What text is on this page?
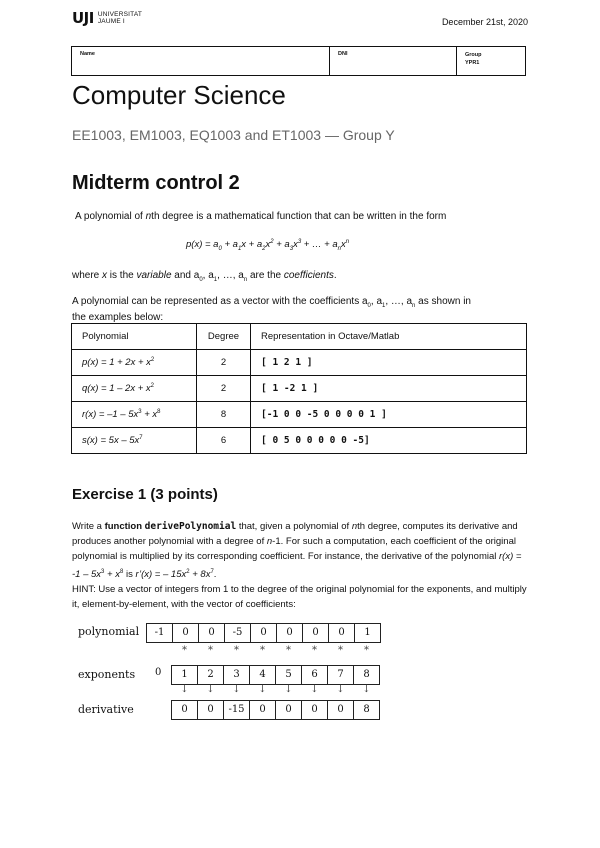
UJI UNIVERSITAT
JAUME I	December 21st, 2020
Name	DNI	Group
YPR1
Computer Science
EE1003, EM1003, EQ1003 and ET1003 — Group Y
Midterm control 2
A polynomial of nth degree is a mathematical function that can be written in the form
$p(x) = a_0 + a_1x + a_2x^2 + a_3x^3$ + … + $a_nx^n$
where x is the variable and $a_0$, $a_1$, …, $a_n$ are the coefficients.
A polynomial can be represented as a vector with the coefficients $a_0$, $a_1$, …, $a_n$ as shown in
the examples below:
Polynomial	Degree	Representation in Octave/Matlab
$p(x) = 1 + 2x + x^2$	2	[ 1 2 1 ]
$q(x) = 1 - 2x + x^2$	2	[ 1 -2 1 ]
$r(x) = -1 - 5x^3 + x^8$	8	[-1 0 0 -5 0 0 0 0 1 ]
$s(x) = 5x - 5x^7$	6	[ 0 5 0 0 0 0 0 -5]
Exercise 1 (3 points)
Write a function derivePolynomial that, given a polynomial of nth degree, computes its derivative and produces another polynomial with a degree of n-1. For such a computation, each coefficient of the original polynomial is multiplied by its corresponding coefficient. For instance, the derivative of the polynomial $r(x) = -1 - 5x^3 + x^8$ is r’(x) = – $15x^2 + 8x^7$.
HINT: Use a vector of integers from 1 to the degree of the original polynomial for the exponents, and multiply it, element-by-element, with the vector of coefficients:
polynomial	-1	0	0	-5	0	0	0	0	1
*	*	*	*	*	*	*	*
exponents 0	1	2	3	4	5	6	7	8
↓	↓	↓	↓	↓	↓	↓	↓
derivative	0	0	-15	0	0	0	0	8
